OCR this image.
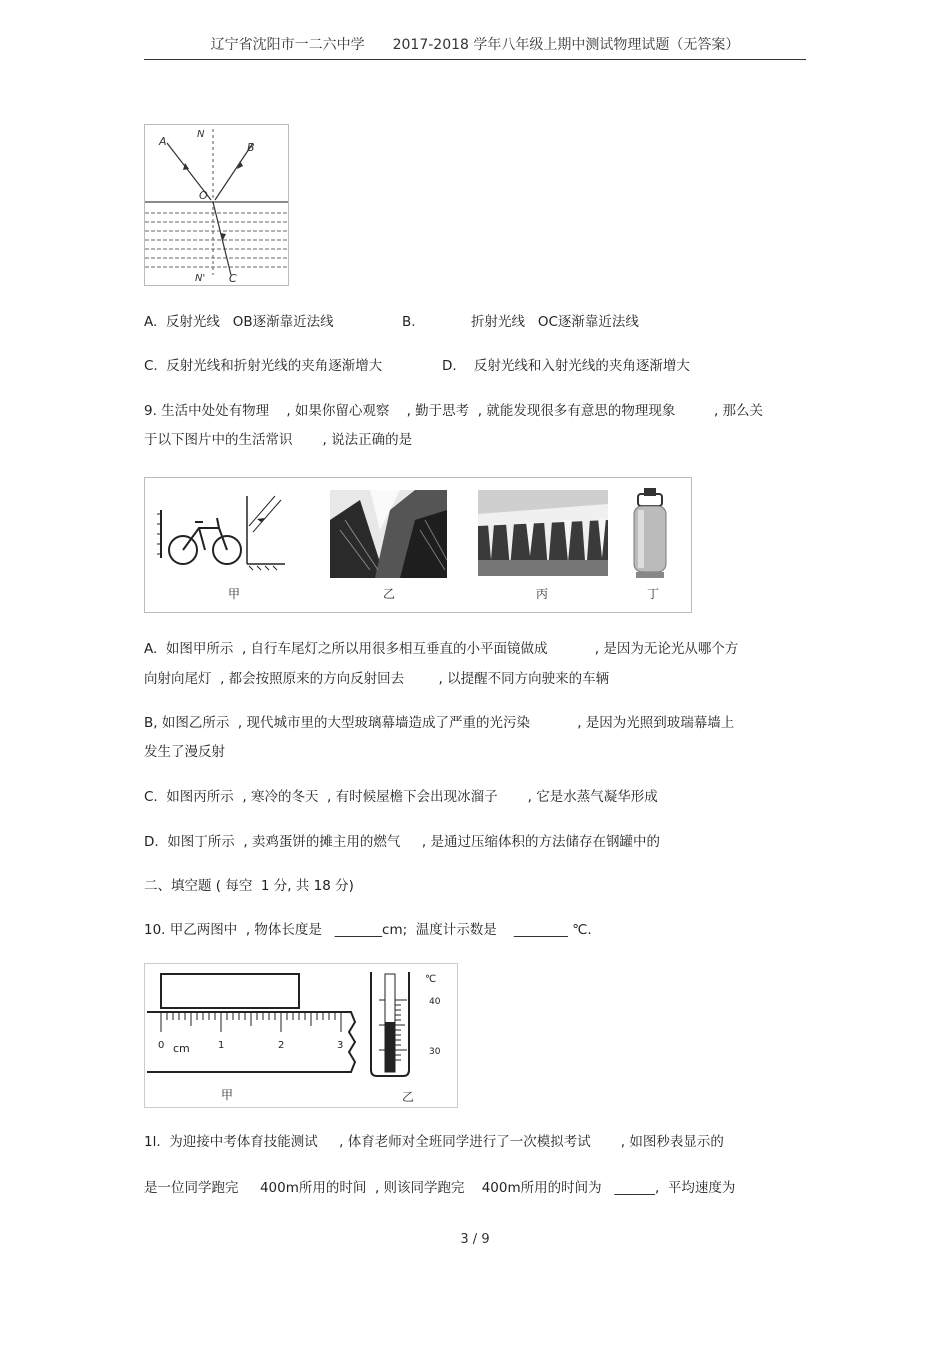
辽宁省沈阳市一二六中学　　2017-2018 学年八年级上期中测试物理试题（无答案）
A
N
B
O
N' C
A.  反射光线   OB逐渐靠近法线	B.	折射光线   OC逐渐靠近法线
C.  反射光线和折射光线的夹角逐渐增大	D.    反射光线和入射光线的夹角逐渐增大
9. 生活中处处有物理    , 如果你留心观察    , 勤于思考  , 就能发现很多有意思的物理现象         , 那么关
于以下图片中的生活常识       , 说法正确的是
甲	乙	丙	丁
A.  如图甲所示  , 自行车尾灯之所以用很多相互垂直的小平面镜做成           , 是因为无论光从哪个方
向射向尾灯  , 都会按照原来的方向反射回去        , 以提醒不同方向驶来的车辆
B, 如图乙所示  , 现代城市里的大型玻璃幕墙造成了严重的光污染           , 是因为光照到玻瑞幕墙上
发生了漫反射
C.  如图丙所示  , 寒冷的冬天  , 有时候屋檐下会出现冰溜子       , 它是水蒸气凝华形成
D.  如图丁所示  , 卖鸡蛋饼的摊主用的燃气     , 是通过压缩体积的方法储存在钢罐中的
二、填空题 ( 每空  1 分, 共 18 分)
10. 甲乙两图中  , 物体长度是   _______cm;  温度计示数是    ________ ℃.
0 cm	1	2	3
℃
40
30
甲	乙
1l.  为迎接中考体育技能测试     , 体育老师对全班同学进行了一次模拟考试       , 如图秒表显示的
是一位同学跑完     400m所用的时间  , 则该同学跑完    400m所用的时间为   ______,  平均速度为
3 / 9
